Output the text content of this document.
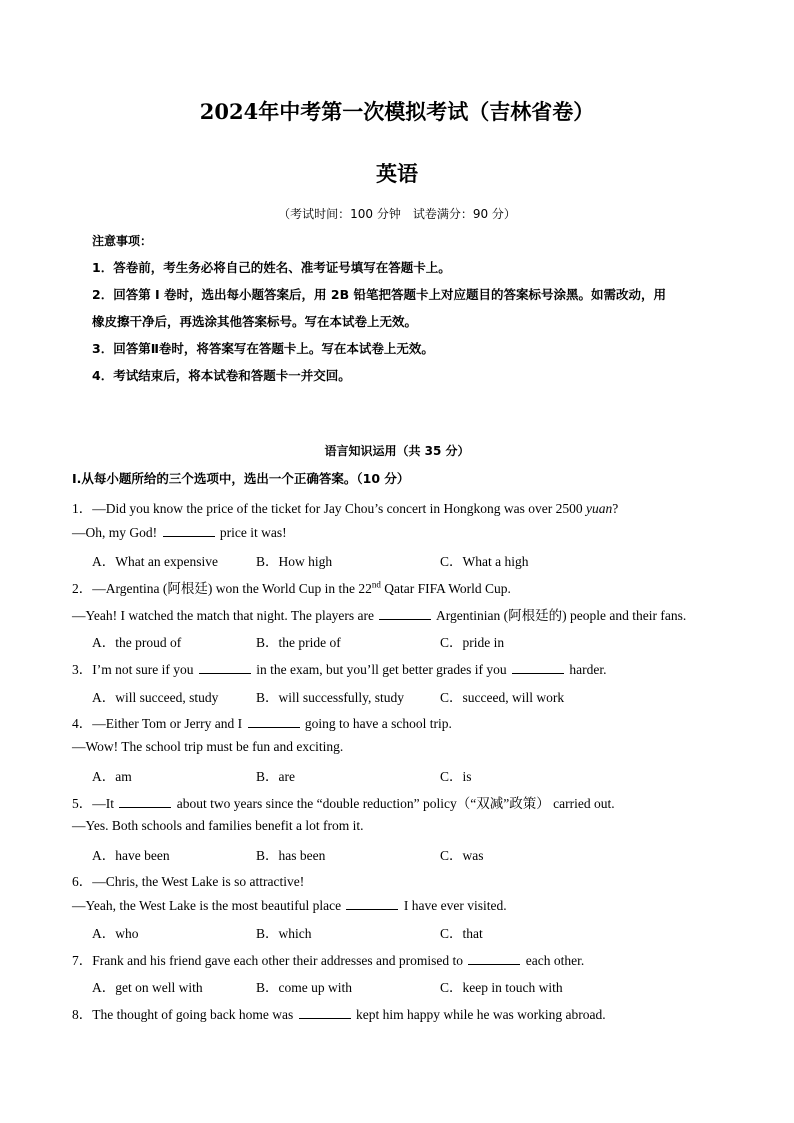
2024年中考第一次模拟考试（吉林省卷）
英语
（考试时间：100 分钟　试卷满分：90 分）
注意事项：
1．答卷前，考生务必将自己的姓名、准考证号填写在答题卡上。
2．回答第 I 卷时，选出每小题答案后，用 2B 铅笔把答题卡上对应题目的答案标号涂黑。如需改动，用
橡皮擦干净后，再选涂其他答案标号。写在本试卷上无效。
3．回答第Ⅱ卷时，将答案写在答题卡上。写在本试卷上无效。
4．考试结束后，将本试卷和答题卡一并交回。
语言知识运用（共 35 分）
I.从每小题所给的三个选项中，选出一个正确答案。（10 分）
1．—Did you know the price of the ticket for Jay Chou’s concert in Hongkong was over 2500 yuan?
—Oh, my God!	price it was!
A．What an expensive	B．How high	C．What a high
2．—Argentina (阿根廷) won the World Cup in the 22nd Qatar FIFA World Cup.
—Yeah! I watched the match that night. The players are	Argentinian (阿根廷的) people and their fans.
A．the proud of	B．the pride of	C．pride in
3．I’m not sure if you	in the exam, but you’ll get better grades if you	harder.
A．will succeed, study	B．will successfully, study	C．succeed, will work
4．—Either Tom or Jerry and I	going to have a school trip.
—Wow! The school trip must be fun and exciting.
A．am	B．are	C．is
5．—It	about two years since the “double reduction” policy（“双减”政策） carried out.
—Yes. Both schools and families benefit a lot from it.
A．have been	B．has been	C．was
6．—Chris, the West Lake is so attractive!
—Yeah, the West Lake is the most beautiful place	I have ever visited.
A．who	B．which	C．that
7．Frank and his friend gave each other their addresses and promised to	each other.
A．get on well with	B．come up with	C．keep in touch with
8．The thought of going back home was	kept him happy while he was working abroad.
